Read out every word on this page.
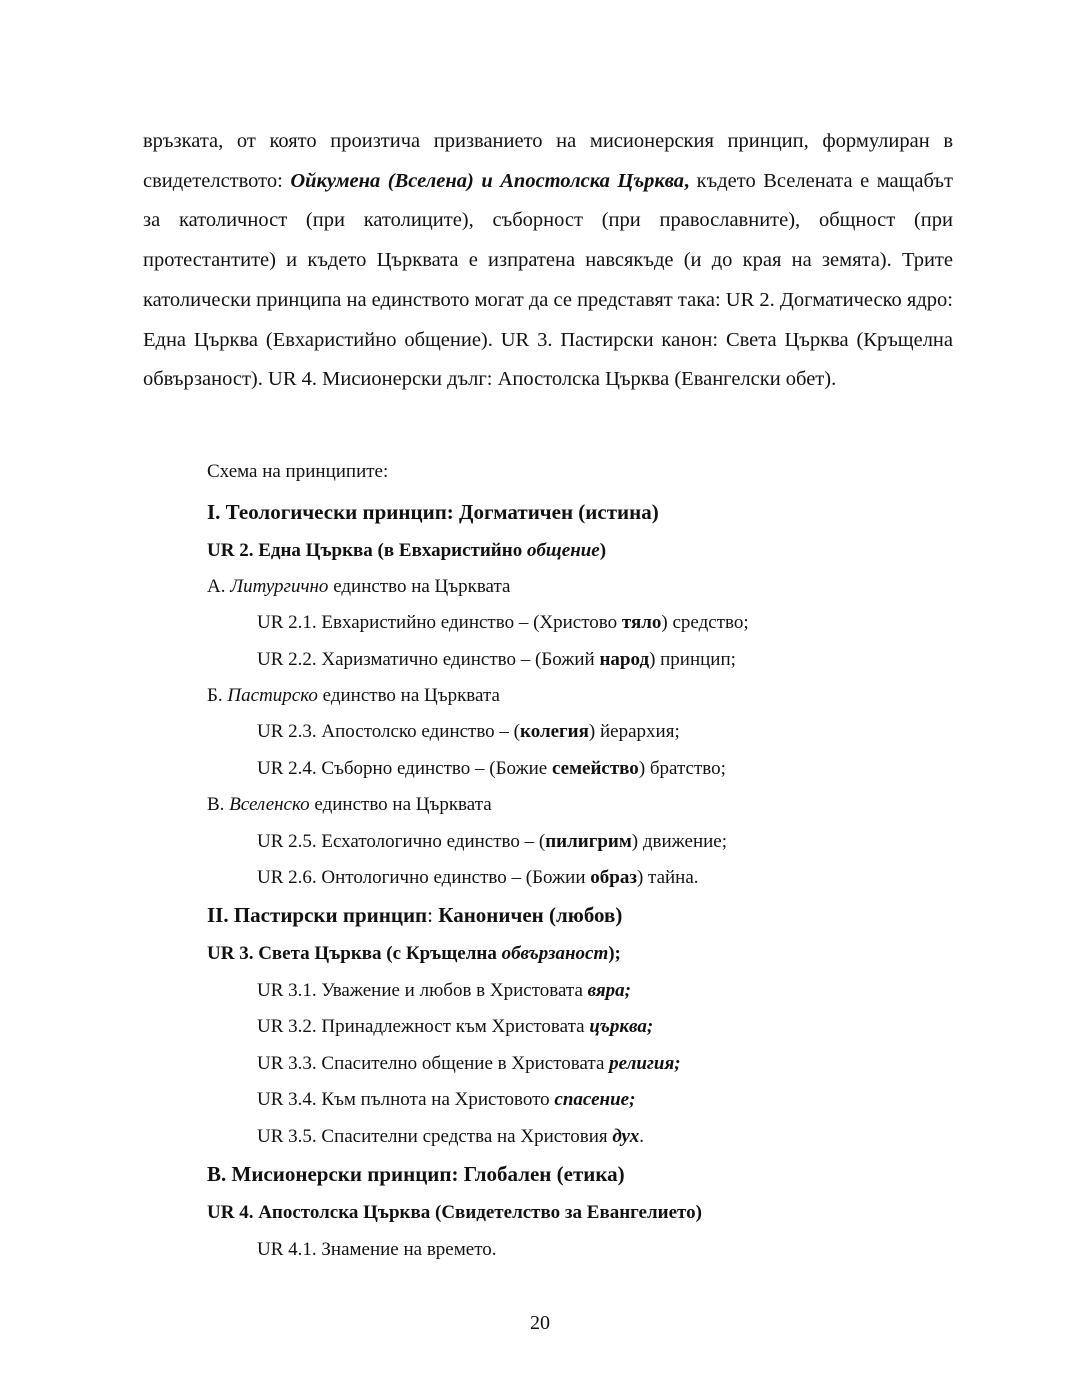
връзката, от която произтича призванието на мисионерския принцип, формулиран в свидетелството: Ойкумена (Вселена) и Апостолска Църква, където Вселената е мащабът за католичност (при католиците), съборност (при православните), общност (при протестантите) и където Църквата е изпратена навсякъде (и до края на земята). Трите католически принципа на единството могат да се представят така: UR 2. Догматическо ядро: Една Църква (Евхаристийно общение). UR 3. Пастирски канон: Света Църква (Кръщелна обвързаност). UR 4. Мисионерски дълг: Апостолска Църква (Евангелски обет).

Схема на принципите:

I. Теологически принцип: Догматичен (истина)

UR 2. Една Църква (в Евхаристийно общение)

А. Литургично единство на Църквата

UR 2.1. Евхаристийно единство – (Христово тяло) средство;

UR 2.2. Харизматично единство – (Божий народ) принцип;

Б. Пастирско единство на Църквата

UR 2.3. Апостолско единство – (колегия) йерархия;

UR 2.4. Съборно единство – (Божие семейство) братство;

В. Вселенско единство на Църквата

UR 2.5. Есхатологично единство – (пилигрим) движение;

UR 2.6. Онтологично единство – (Божии образ) тайна.

II. Пастирски принцип: Каноничен (любов)

UR 3. Света Църква (с Кръщелна обвързаност);

UR 3.1. Уважение и любов в Христовата вяра;

UR 3.2. Принадлежност към Христовата църква;

UR 3.3. Спасително общение в Христовата религия;

UR 3.4. Към пълнота на Христовото спасение;

UR 3.5. Спасителни средства на Христовия дух.

В. Мисионерски принцип: Глобален (етика)

UR 4. Апостолска Църква (Свидетелство за Евангелието)

UR 4.1. Знамение на времето.

20
